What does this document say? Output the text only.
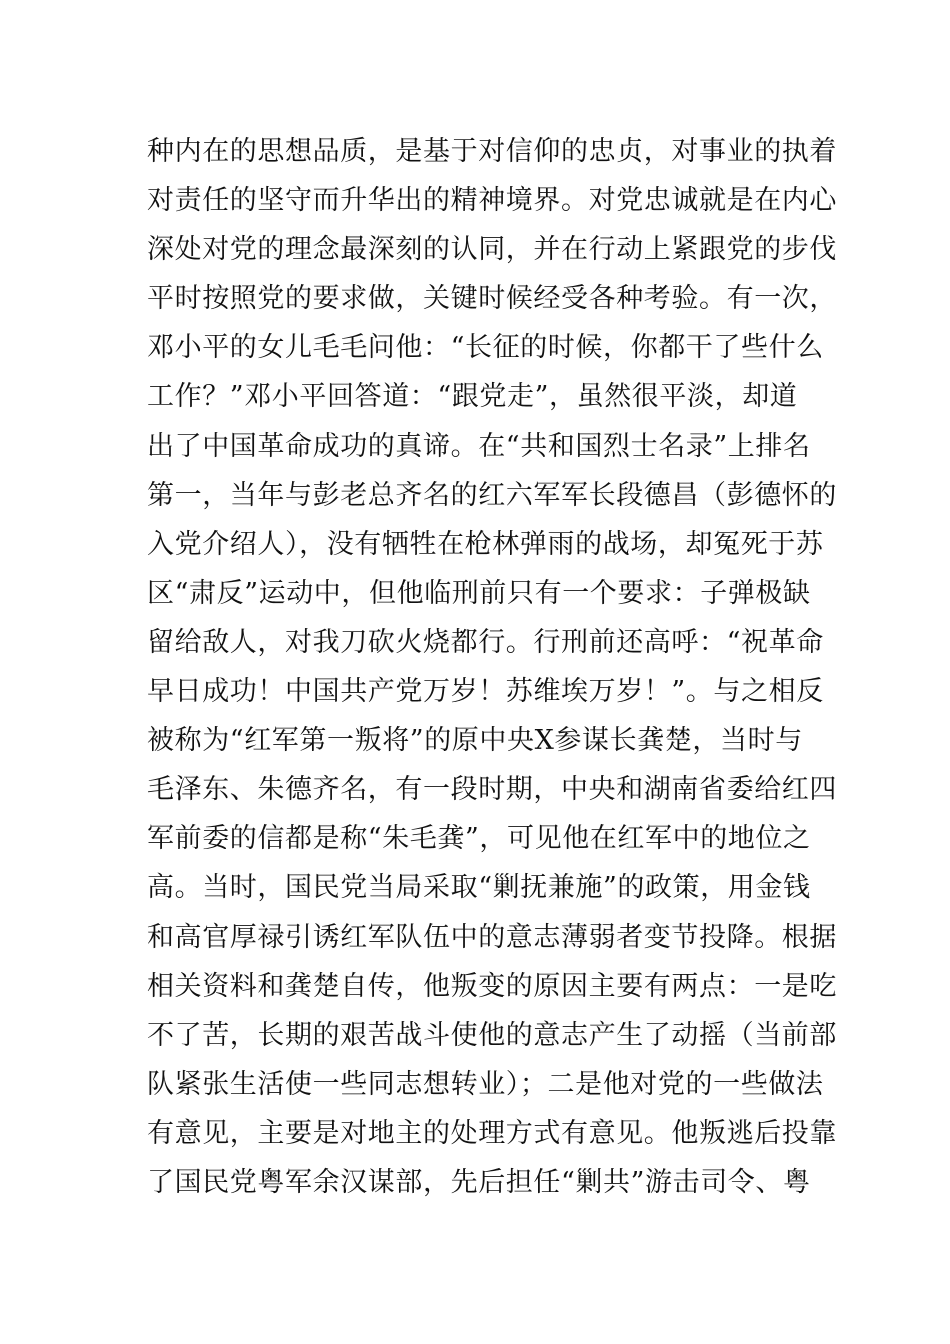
种内在的思想品质，是基于对信仰的忠贞，对事业的执着
对责任的坚守而升华出的精神境界。对党忠诚就是在内心
深处对党的理念最深刻的认同，并在行动上紧跟党的步伐
平时按照党的要求做，关键时候经受各种考验。有一次，
邓小平的女儿毛毛问他：“长征的时候，你都干了些什么
工作？”邓小平回答道：“跟党走”，虽然很平淡，却道
出了中国革命成功的真谛。在“共和国烈士名录”上排名
第一，当年与彭老总齐名的红六军军长段德昌（彭德怀的
入党介绍人），没有牺牲在枪林弹雨的战场，却冤死于苏
区“肃反”运动中，但他临刑前只有一个要求：子弹极缺
留给敌人，对我刀砍火烧都行。行刑前还高呼：“祝革命
早日成功！中国共产党万岁！苏维埃万岁！”。与之相反
被称为“红军第一叛将”的原中央X参谋长龚楚，当时与
毛泽东、朱德齐名，有一段时期，中央和湖南省委给红四
军前委的信都是称“朱毛龚”，可见他在红军中的地位之
高。当时，国民党当局采取“剿抚兼施”的政策，用金钱
和高官厚禄引诱红军队伍中的意志薄弱者变节投降。根据
相关资料和龚楚自传，他叛变的原因主要有两点：一是吃
不了苦，长期的艰苦战斗使他的意志产生了动摇（当前部
队紧张生活使一些同志想转业）；二是他对党的一些做法
有意见，主要是对地主的处理方式有意见。他叛逃后投靠
了国民党粤军余汉谋部，先后担任“剿共”游击司令、粤
